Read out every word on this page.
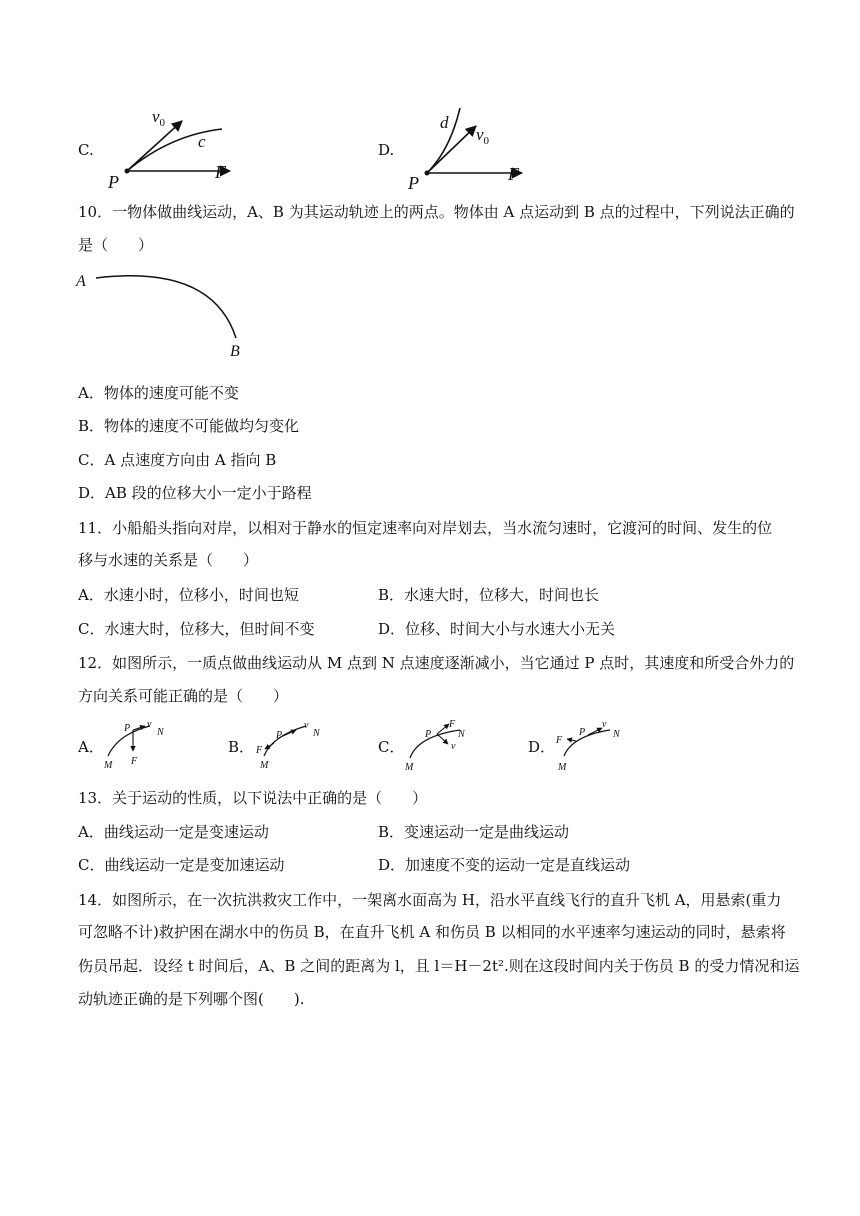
C.
$v_0$
c
P	F
D.
d
$v_0$
P	F
10．一物体做曲线运动，A、B 为其运动轨迹上的两点。物体由 A 点运动到 B 点的过程中，下列说法正确的
是（　　）
A
B
A．物体的速度可能不变
B．物体的速度不可能做均匀变化
C．A 点速度方向由 A 指向 B
D．AB 段的位移大小一定小于路程
11．小船船头指向对岸，以相对于静水的恒定速率向对岸划去，当水流匀速时，它渡河的时间、发生的位
移与水速的关系是（　　）
A．水速小时，位移小，时间也短	B．水速大时，位移大，时间也长
C．水速大时，位移大，但时间不变	D．位移、时间大小与水速大小无关
12．如图所示，一质点做曲线运动从 M 点到 N 点速度逐渐减小，当它通过 P 点时，其速度和所受合外力的
方向关系可能正确的是（　　）
A．
M
N
P v
F
B．
M
N
P
v
F	C．
M
N
P
v
F
D．
M
N
P
v
F
13．关于运动的性质，以下说法中正确的是（　　）
A．曲线运动一定是变速运动	B．变速运动一定是曲线运动
C．曲线运动一定是变加速运动	D．加速度不变的运动一定是直线运动
14．如图所示，在一次抗洪救灾工作中，一架离水面高为 H，沿水平直线飞行的直升飞机 A，用悬索(重力
可忽略不计)救护困在湖水中的伤员 B，在直升飞机 A 和伤员 B 以相同的水平速率匀速运动的同时，悬索将
伤员吊起．设经 t 时间后，A、B 之间的距离为 l，且 l＝H－2t².则在这段时间内关于伤员 B 的受力情况和运
动轨迹正确的是下列哪个图(　　).
